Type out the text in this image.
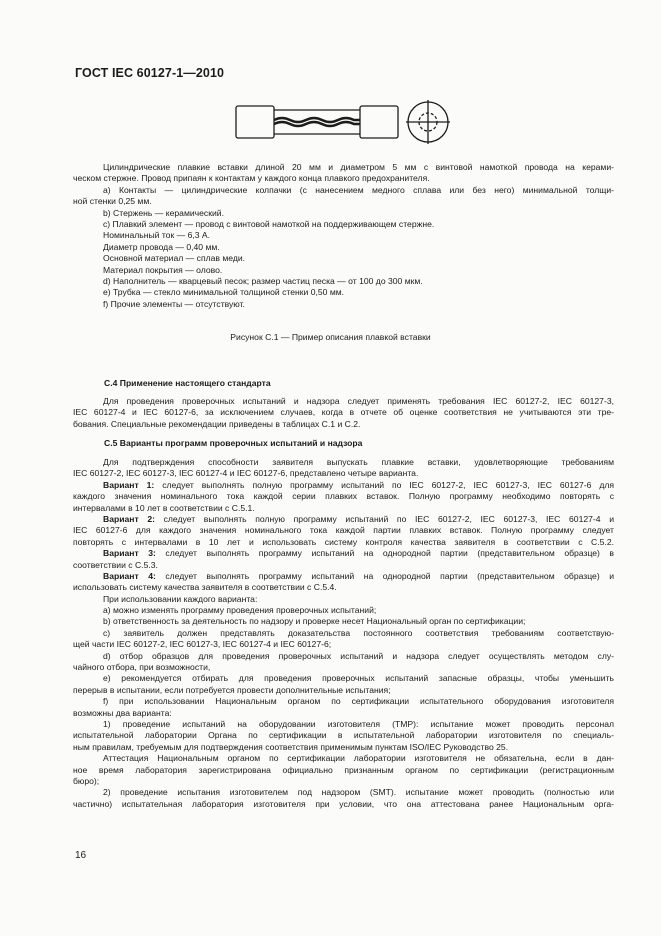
ГОСТ IEC 60127-1—2010
Цилиндрические плавкие вставки длиной 20 мм и диаметром 5 мм с винтовой намоткой провода на керами-
ческом стержне. Провод припаян к контактам у каждого конца плавкого предохранителя.
а) Контакты — цилиндрические колпачки (с нанесением медного сплава или без него) минимальной толщи-
ной стенки 0,25 мм.
b) Стержень — керамический.
c) Плавкий элемент — провод с винтовой намоткой на поддерживающем стержне.
Номинальный ток — 6,3 А.
Диаметр провода — 0,40 мм.
Основной материал — сплав меди.
Материал покрытия — олово.
d) Наполнитель — кварцевый песок; размер частиц песка — от 100 до 300 мкм.
e) Трубка — стекло минимальной толщиной стенки 0,50 мм.
f) Прочие элементы — отсутствуют.
Рисунок С.1 — Пример описания плавкой вставки
С.4 Применение настоящего стандарта
Для проведения проверочных испытаний и надзора следует применять требования IEC 60127-2, IEC 60127-3,
IEC 60127-4 и IEC 60127-6, за исключением случаев, когда в отчете об оценке соответствия не учитываются эти тре-
бования. Специальные рекомендации приведены в таблицах С.1 и С.2.
С.5 Варианты программ проверочных испытаний и надзора
Для подтверждения способности заявителя выпускать плавкие вставки, удовлетворяющие требованиям
IEC 60127-2, IEC 60127-3, IEC 60127-4 и IEC 60127-6, представлено четыре варианта.
Вариант 1: следует выполнять полную программу испытаний по IEC 60127-2, IEC 60127-3, IEC 60127-6 для
каждого значения номинального тока каждой серии плавких вставок. Полную программу необходимо повторять с
интервалами в 10 лет в соответствии с С.5.1.
Вариант 2: следует выполнять полную программу испытаний по IEC 60127-2, IEC 60127-3, IEC 60127-4 и
IEC 60127-6 для каждого значения номинального тока каждой партии плавких вставок. Полную программу следует
повторять с интервалами в 10 лет и использовать систему контроля качества заявителя в соответствии с С.5.2.
Вариант 3: следует выполнять программу испытаний на однородной партии (представительном образце) в
соответствии с С.5.3.
Вариант 4: следует выполнять программу испытаний на однородной партии (представительном образце) и
использовать систему качества заявителя в соответствии с С.5.4.
При использовании каждого варианта:
а) можно изменять программу проведения проверочных испытаний;
b) ответственность за деятельность по надзору и проверке несет Национальный орган по сертификации;
c) заявитель должен представлять доказательства постоянного соответствия требованиям соответствую-
щей части IEC 60127-2, IEC 60127-3, IEC 60127-4 и IEC 60127-6;
d) отбор образцов для проведения проверочных испытаний и надзора следует осуществлять методом слу-
чайного отбора, при возможности,
e) рекомендуется отбирать для проведения проверочных испытаний запасные образцы, чтобы уменьшить
перерыв в испытании, если потребуется провести дополнительные испытания;
f) при использовании Национальным органом по сертификации испытательного оборудования изготовителя
возможны два варианта:
1) проведение испытаний на оборудовании изготовителя (TMP): испытание может проводить персонал
испытательной лаборатории Органа по сертификации в испытательной лаборатории изготовителя по специаль-
ным правилам, требуемым для подтверждения соответствия применимым пунктам ISO/IEC Руководство 25.
Аттестация Национальным органом по сертификации лаборатории изготовителя не обязательна, если в дан-
ное время лаборатория зарегистрирована официально признанным органом по сертификации (регистрационным
бюро);
2) проведение испытания изготовителем под надзором (SMT). испытание может проводить (полностью или
частично) испытательная лаборатория изготовителя при условии, что она аттестована ранее Национальным орга-
16
